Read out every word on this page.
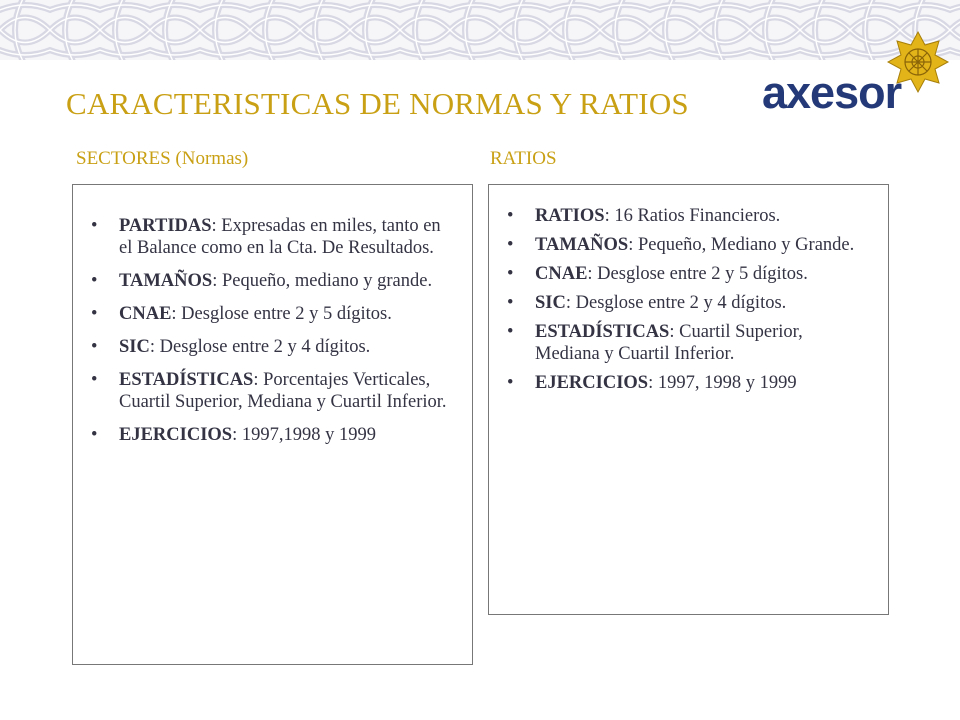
axesor
CARACTERISTICAS DE NORMAS Y RATIOS
SECTORES (Normas)	RATIOS
• PARTIDAS: Expresadas en miles, tanto en el Balance como en la Cta. De Resultados.
• TAMAÑOS: Pequeño, mediano y grande.
• CNAE: Desglose entre 2 y 5 dígitos.
• SIC: Desglose entre 2 y 4 dígitos.
• ESTADÍSTICAS: Porcentajes Verticales, Cuartil Superior, Mediana y Cuartil Inferior.
• EJERCICIOS: 1997,1998 y 1999
• RATIOS: 16 Ratios Financieros.
• TAMAÑOS: Pequeño, Mediano y Grande.
• CNAE: Desglose entre 2 y 5 dígitos.
• SIC: Desglose entre 2 y 4 dígitos.
• ESTADÍSTICAS: Cuartil Superior, Mediana y Cuartil Inferior.
• EJERCICIOS: 1997, 1998 y 1999
